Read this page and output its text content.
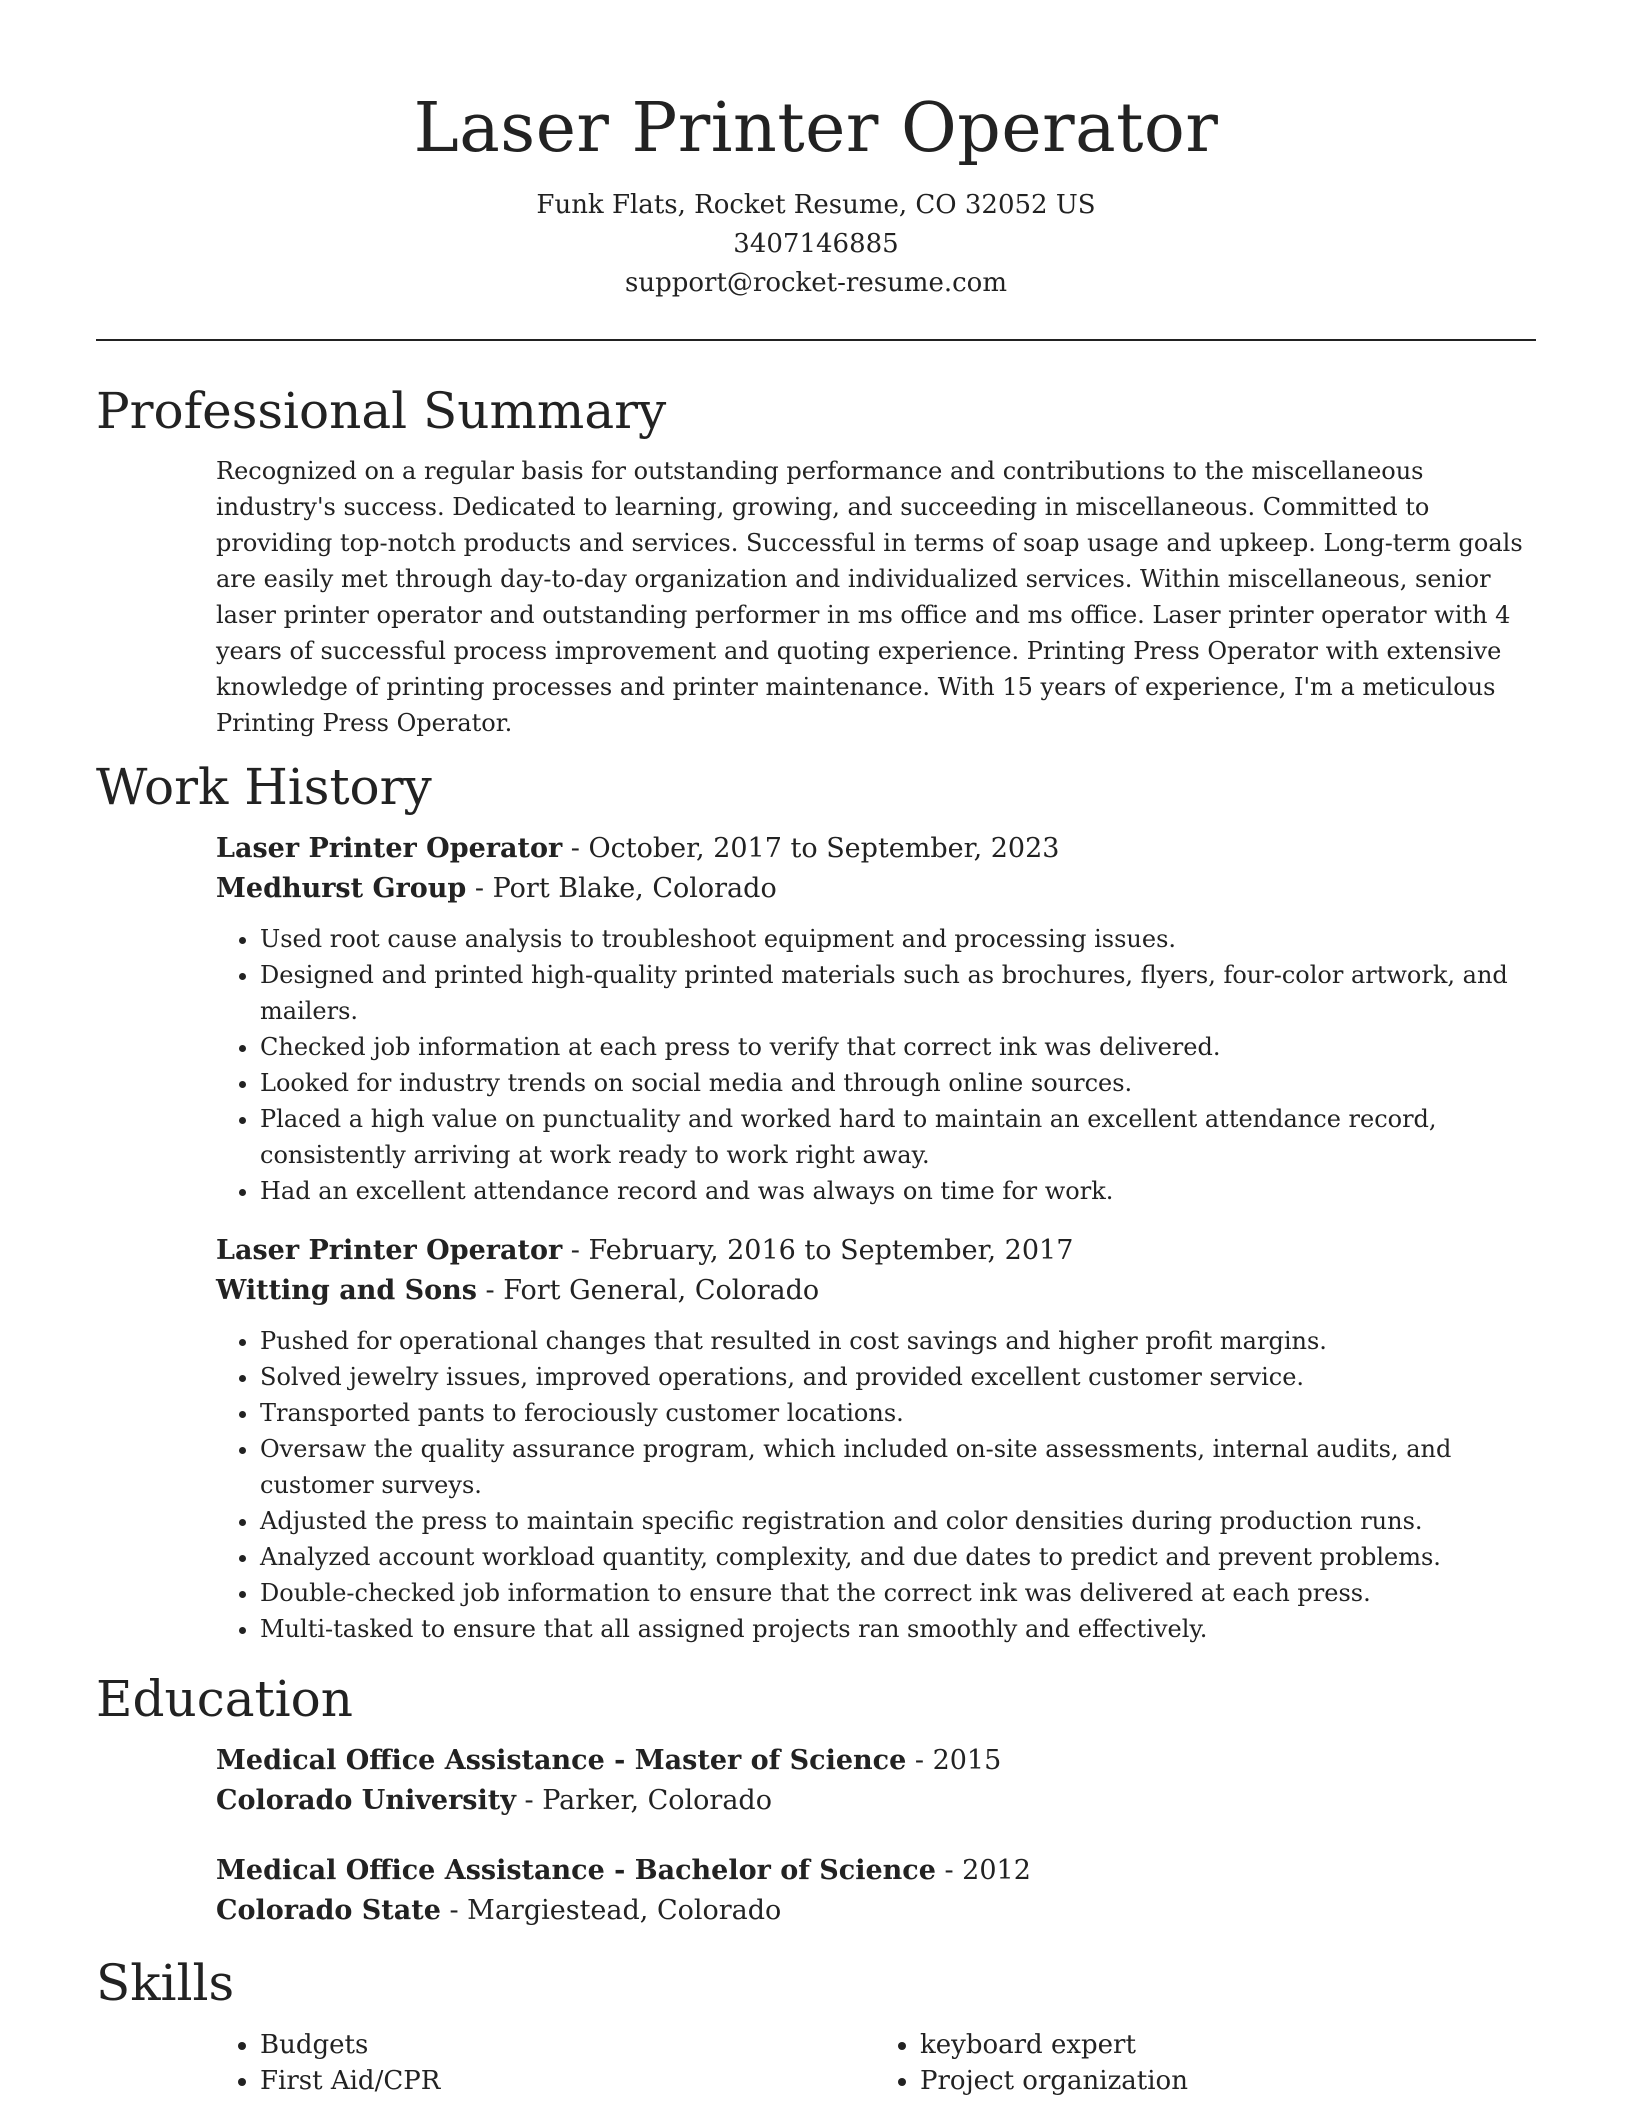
Laser Printer Operator
Funk Flats, Rocket Resume, CO 32052 US
3407146885
support@rocket-resume.com
Professional Summary

Recognized on a regular basis for outstanding performance and contributions to the miscellaneous industry's success. Dedicated to learning, growing, and succeeding in miscellaneous. Committed to providing top-notch products and services. Successful in terms of soap usage and upkeep. Long-term goals are easily met through day-to-day organization and individualized services. Within miscellaneous, senior laser printer operator and outstanding performer in ms office and ms office. Laser printer operator with 4 years of successful process improvement and quoting experience. Printing Press Operator with extensive knowledge of printing processes and printer maintenance. With 15 years of experience, I'm a meticulous Printing Press Operator.

Work History
Laser Printer Operator - October, 2017 to September, 2023
Medhurst Group - Port Blake, Colorado
• Used root cause analysis to troubleshoot equipment and processing issues.
• Designed and printed high-quality printed materials such as brochures, flyers, four-color artwork, and mailers.
• Checked job information at each press to verify that correct ink was delivered.
• Looked for industry trends on social media and through online sources.
• Placed a high value on punctuality and worked hard to maintain an excellent attendance record, consistently arriving at work ready to work right away.
• Had an excellent attendance record and was always on time for work.
Laser Printer Operator - February, 2016 to September, 2017
Witting and Sons - Fort General, Colorado
• Pushed for operational changes that resulted in cost savings and higher profit margins.
• Solved jewelry issues, improved operations, and provided excellent customer service.
• Transported pants to ferociously customer locations.
• Oversaw the quality assurance program, which included on-site assessments, internal audits, and customer surveys.
• Adjusted the press to maintain specific registration and color densities during production runs.
• Analyzed account workload quantity, complexity, and due dates to predict and prevent problems.
• Double-checked job information to ensure that the correct ink was delivered at each press.
• Multi-tasked to ensure that all assigned projects ran smoothly and effectively.
Education
Medical Office Assistance - Master of Science - 2015
Colorado University - Parker, Colorado
Medical Office Assistance - Bachelor of Science - 2012
Colorado State - Margiestead, Colorado
Skills
• Budgets
• First Aid/CPR
• keyboard expert
• Project organization
